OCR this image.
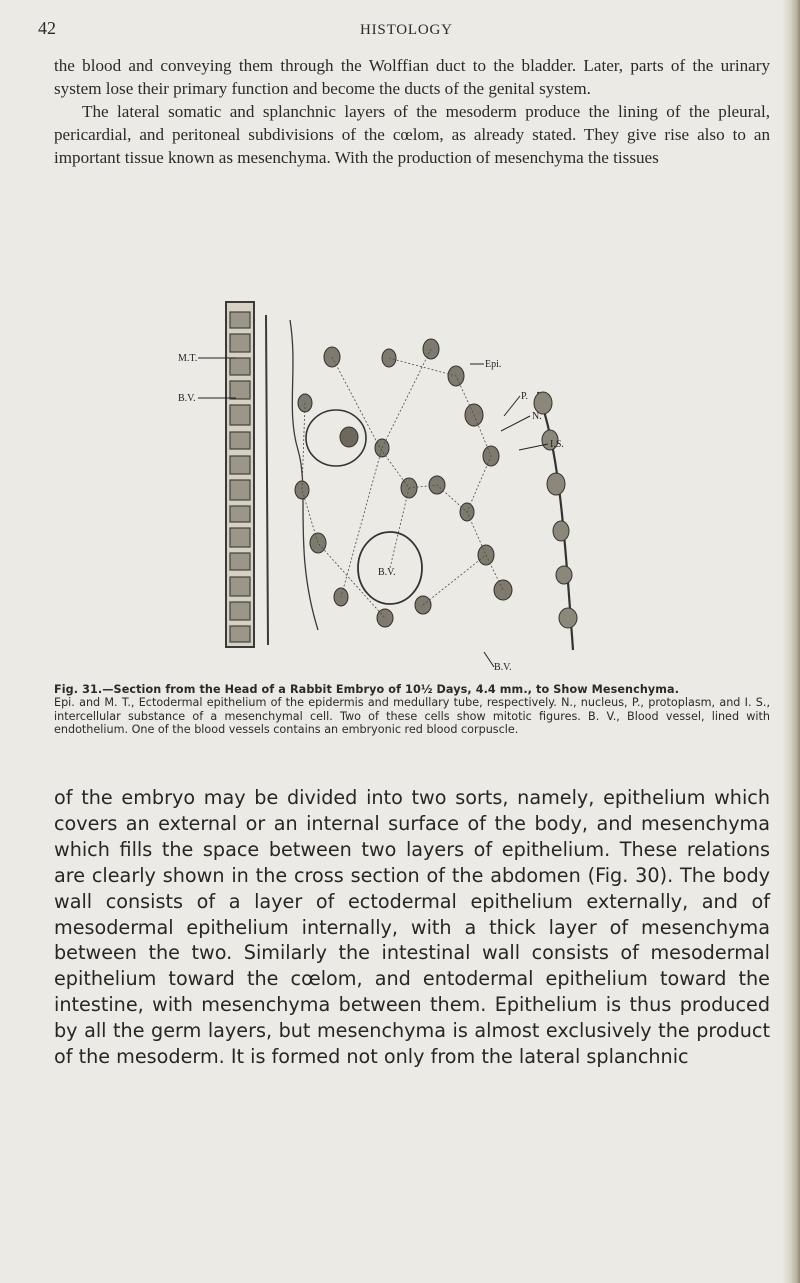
42	HISTOLOGY

the blood and conveying them through the Wolffian duct to the bladder. Later, parts of the urinary system lose their primary function and become the ducts of the genital system.

The lateral somatic and splanchnic layers of the mesoderm produce the lining of the pleural, pericardial, and peritoneal subdivisions of the cœlom, as already stated. They give rise also to an important tissue known as mesenchyma. With the production of mesenchyma the tissues

M.T.
B.V.
Epi.
P.
N.
I.S.
B.V.
B.V.
Fig. 31.—Section from the Head of a Rabbit Embryo of 10½ Days, 4.4 mm., to Show Mesenchyma.
Epi. and M. T., Ectodermal epithelium of the epidermis and medullary tube, respectively. N., nucleus, P., protoplasm, and I. S., intercellular substance of a mesenchymal cell. Two of these cells show mitotic figures. B. V., Blood vessel, lined with endothelium. One of the blood vessels contains an embryonic red blood corpuscle.

of the embryo may be divided into two sorts, namely, epithelium which covers an external or an internal surface of the body, and mesenchyma which fills the space between two layers of epithelium. These relations are clearly shown in the cross section of the abdomen (Fig. 30). The body wall consists of a layer of ectodermal epithelium externally, and of mesodermal epithelium internally, with a thick layer of mesenchyma between the two. Similarly the intestinal wall consists of mesodermal epithelium toward the cœlom, and entodermal epithelium toward the intestine, with mesenchyma between them. Epithelium is thus produced by all the germ layers, but mesenchyma is almost exclusively the product of the mesoderm. It is formed not only from the lateral splanchnic
